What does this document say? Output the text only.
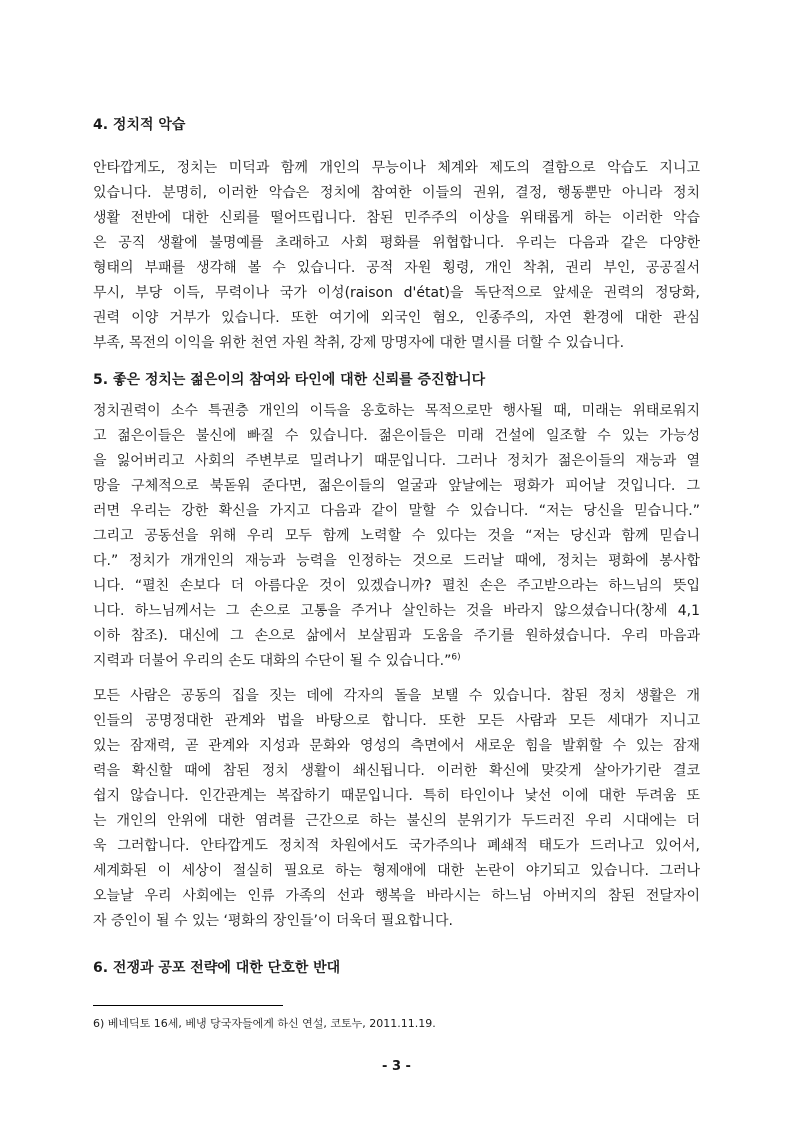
4. 정치적 악습
안타깝게도, 정치는 미덕과 함께 개인의 무능이나 체계와 제도의 결함으로 악습도 지니고
있습니다. 분명히, 이러한 악습은 정치에 참여한 이들의 권위, 결정, 행동뿐만 아니라 정치
생활 전반에 대한 신뢰를 떨어뜨립니다. 참된 민주주의 이상을 위태롭게 하는 이러한 악습
은 공직 생활에 불명예를 초래하고 사회 평화를 위협합니다. 우리는 다음과 같은 다양한
형태의 부패를 생각해 볼 수 있습니다. 공적 자원 횡령, 개인 착취, 권리 부인, 공공질서
무시, 부당 이득, 무력이나 국가 이성(raison d'état)을 독단적으로 앞세운 권력의 정당화,
권력 이양 거부가 있습니다. 또한 여기에 외국인 혐오, 인종주의, 자연 환경에 대한 관심
부족, 목전의 이익을 위한 천연 자원 착취, 강제 망명자에 대한 멸시를 더할 수 있습니다.
5. 좋은 정치는 젊은이의 참여와 타인에 대한 신뢰를 증진합니다
정치권력이 소수 특권층 개인의 이득을 옹호하는 목적으로만 행사될 때, 미래는 위태로워지
고 젊은이들은 불신에 빠질 수 있습니다. 젊은이들은 미래 건설에 일조할 수 있는 가능성
을 잃어버리고 사회의 주변부로 밀려나기 때문입니다. 그러나 정치가 젊은이들의 재능과 열
망을 구체적으로 북돋워 준다면, 젊은이들의 얼굴과 앞날에는 평화가 피어날 것입니다. 그
러면 우리는 강한 확신을 가지고 다음과 같이 말할 수 있습니다. “저는 당신을 믿습니다.”
그리고 공동선을 위해 우리 모두 함께 노력할 수 있다는 것을 “저는 당신과 함께 믿습니
다.” 정치가 개개인의 재능과 능력을 인정하는 것으로 드러날 때에, 정치는 평화에 봉사합
니다. “펼친 손보다 더 아름다운 것이 있겠습니까? 펼친 손은 주고받으라는 하느님의 뜻입
니다. 하느님께서는 그 손으로 고통을 주거나 살인하는 것을 바라지 않으셨습니다(창세 4,1
이하 참조). 대신에 그 손으로 삶에서 보살핌과 도움을 주기를 원하셨습니다. 우리 마음과
지력과 더불어 우리의 손도 대화의 수단이 될 수 있습니다.”$^{6)}$
모든 사람은 공동의 집을 짓는 데에 각자의 돌을 보탤 수 있습니다. 참된 정치 생활은 개
인들의 공명정대한 관계와 법을 바탕으로 합니다. 또한 모든 사람과 모든 세대가 지니고
있는 잠재력, 곧 관계와 지성과 문화와 영성의 측면에서 새로운 힘을 발휘할 수 있는 잠재
력을 확신할 때에 참된 정치 생활이 쇄신됩니다. 이러한 확신에 맞갖게 살아가기란 결코
쉽지 않습니다. 인간관계는 복잡하기 때문입니다. 특히 타인이나 낯선 이에 대한 두려움 또
는 개인의 안위에 대한 염려를 근간으로 하는 불신의 분위기가 두드러진 우리 시대에는 더
욱 그러합니다. 안타깝게도 정치적 차원에서도 국가주의나 폐쇄적 태도가 드러나고 있어서,
세계화된 이 세상이 절실히 필요로 하는 형제애에 대한 논란이 야기되고 있습니다. 그러나
오늘날 우리 사회에는 인류 가족의 선과 행복을 바라시는 하느님 아버지의 참된 전달자이
자 증인이 될 수 있는 ‘평화의 장인들’이 더욱더 필요합니다.
6. 전쟁과 공포 전략에 대한 단호한 반대
6) 베네딕토 16세, 베냉 당국자들에게 하신 연설, 코토누, 2011.11.19.
- 3 -
